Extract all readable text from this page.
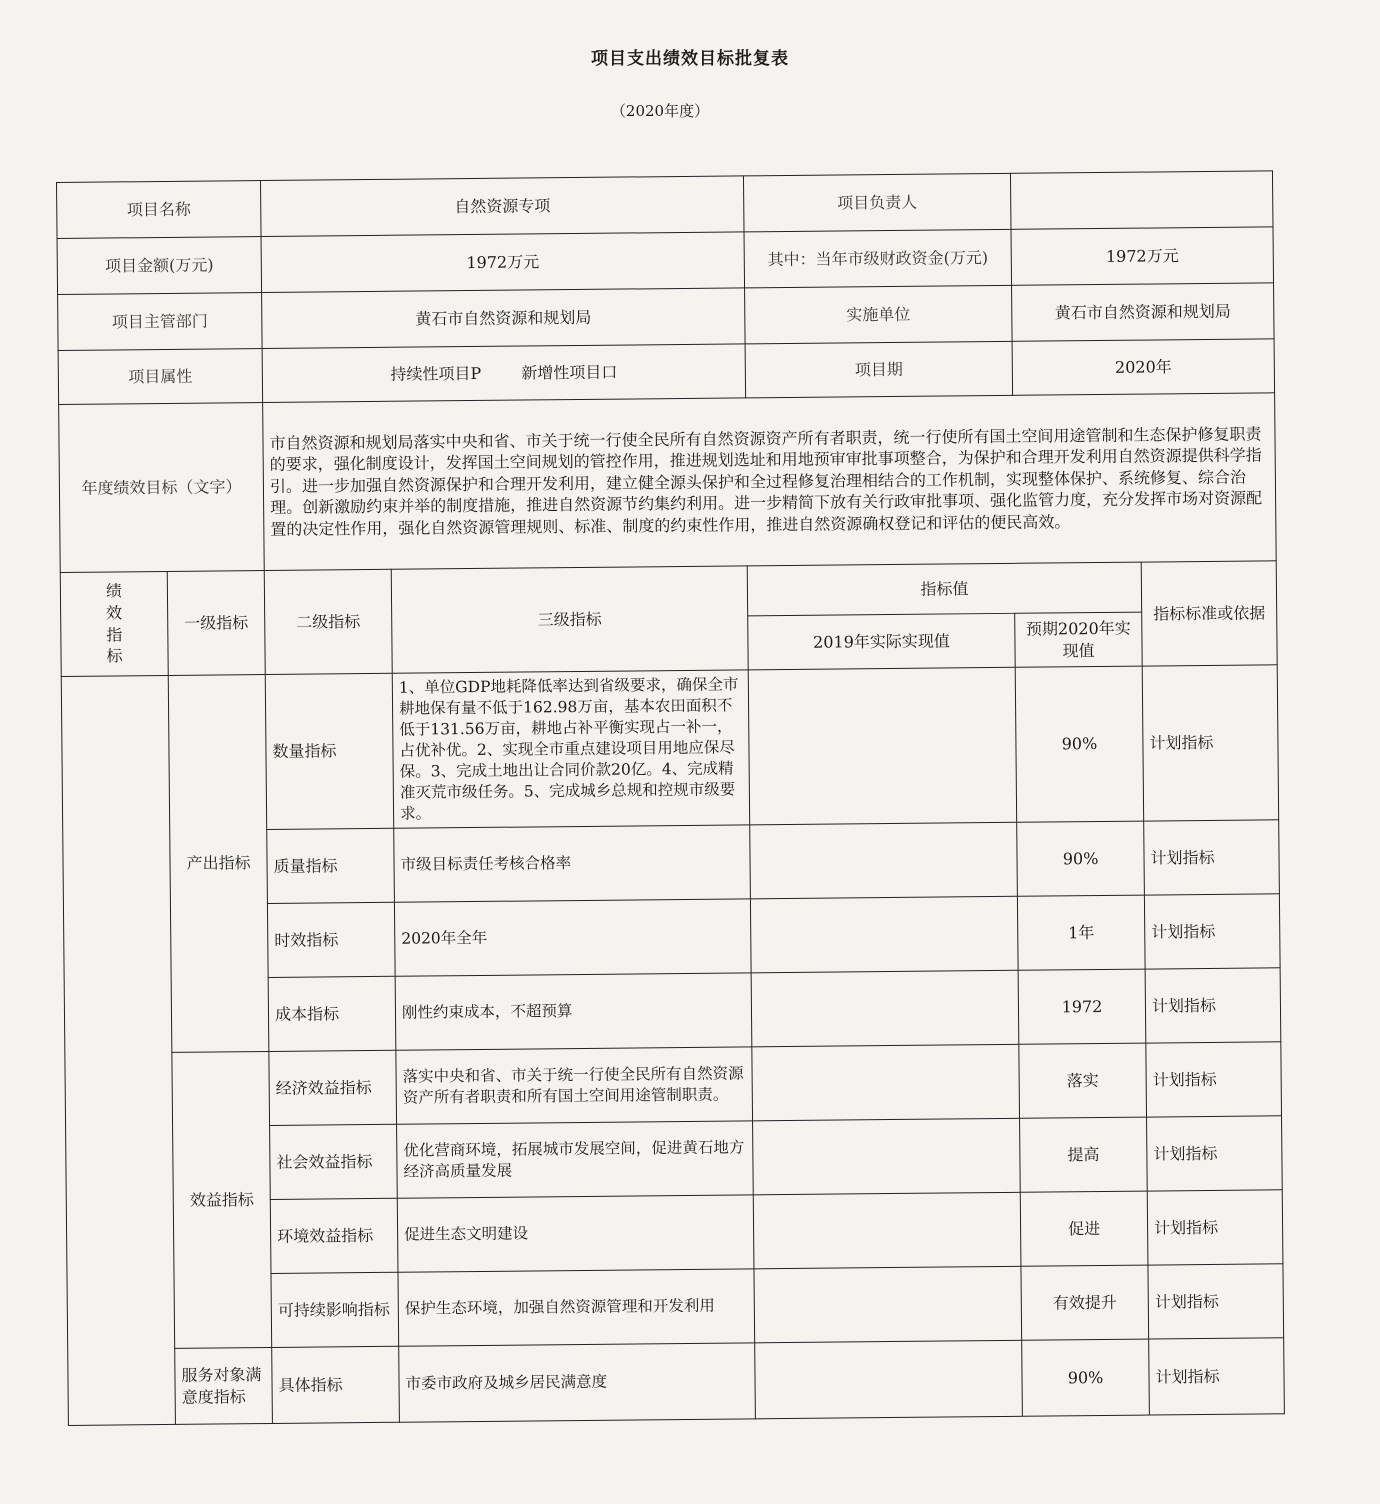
项目支出绩效目标批复表
（2020年度）
项目名称		自然资源专项		项目负责人		
项目金额(万元)		1972万元		其中：当年市级财政资金(万元)	1972万元	
项目主管部门		黄石市自然资源和规划局		实施单位	黄石市自然资源和规划局	
项目属性		持续性项目P 新增性项目口		项目期	2020年	
年度绩效目标（文字）		市自然资源和规划局落实中央和省、市关于统一行使全民所有自然资源资产所有者职责，统一行使所有国土空间用途管制和生态保护修复职责的要求，强化制度设计，发挥国土空间规划的管控作用，推进规划选址和用地预审审批事项整合，为保护和合理开发利用自然资源提供科学指引。进一步加强自然资源保护和合理开发利用，建立健全源头保护和全过程修复治理相结合的工作机制，实现整体保护、系统修复、综合治理。创新激励约束并举的制度措施，推进自然资源节约集约利用。进一步精简下放有关行政审批事项、强化监管力度，充分发挥市场对资源配置的决定性作用，强化自然资源管理规则、标准、制度的约束性作用，推进自然资源确权登记和评估的便民高效。				

绩
效
指
标	一级指标	二级指标	三级指标	指标值		指标标准或依据
				2019年实际实现值	预期2020年实现值	
	产出指标	数量指标	1、单位GDP地耗降低率达到省级要求，确保全市耕地保有量不低于162.98万亩，基本农田面积不低于131.56万亩，耕地占补平衡实现占一补一，占优补优。2、实现全市重点建设项目用地应保尽保。3、完成土地出让合同价款20亿。4、完成精准灭荒市级任务。5、完成城乡总规和控规市级要求。		90%	计划指标
		质量指标	市级目标责任考核合格率		90%	计划指标
		时效指标	2020年全年		1年	计划指标
		成本指标	刚性约束成本，不超预算		1972	计划指标
	效益指标	经济效益指标	落实中央和省、市关于统一行使全民所有自然资源资产所有者职责和所有国土空间用途管制职责。		落实	计划指标
		社会效益指标	优化营商环境，拓展城市发展空间，促进黄石地方经济高质量发展		提高	计划指标
		环境效益指标	促进生态文明建设		促进	计划指标
		可持续影响指标	保护生态环境，加强自然资源管理和开发利用		有效提升	计划指标
	服务对象满意度指标	具体指标	市委市政府及城乡居民满意度		90%	计划指标
